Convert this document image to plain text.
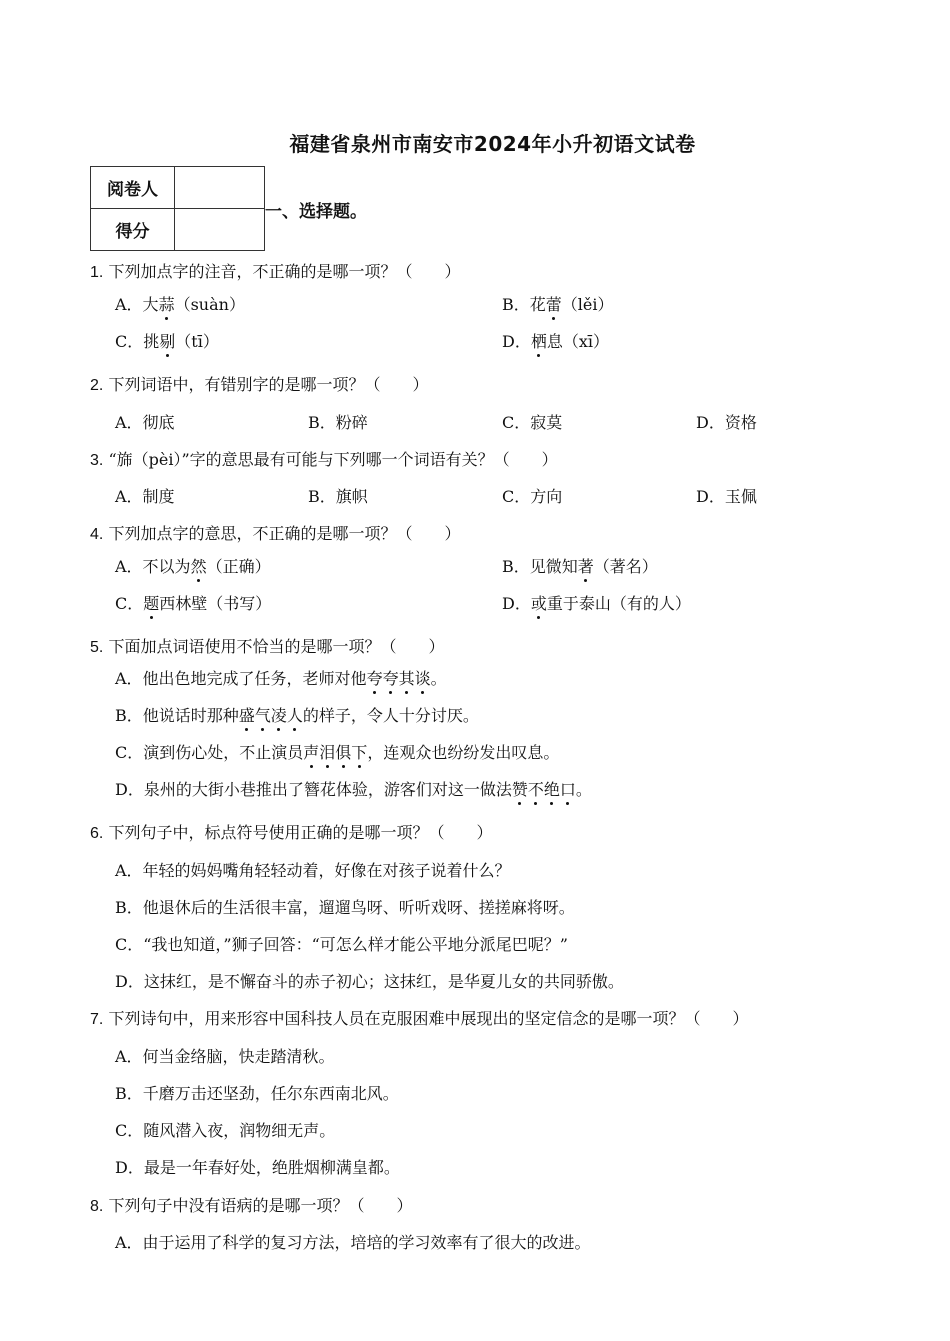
福建省泉州市南安市2024年小升初语文试卷
阅卷人	
得分	
一、选择题。
1. 下列加点字的注音，不正确的是哪一项？（　　）
A．大蒜（suàn）	B．花蕾（lěi）
C．挑剔（tī）	D．栖息（xī）
2. 下列词语中，有错别字的是哪一项？（　　）
A．彻底	B．粉碎	C．寂莫	D．资格
3. “旆（pèi）”字的意思最有可能与下列哪一个词语有关？（　　）
A．制度	B．旗帜	C．方向	D．玉佩
4. 下列加点字的意思，不正确的是哪一项？（　　）
A．不以为然（正确）	B．见微知著（著名）
C．题西林壁（书写）	D．或重于泰山（有的人）
5. 下面加点词语使用不恰当的是哪一项？（　　）
A．他出色地完成了任务，老师对他夸夸其谈。
B．他说话时那种盛气凌人的样子，令人十分讨厌。
C．演到伤心处，不止演员声泪俱下，连观众也纷纷发出叹息。
D．泉州的大街小巷推出了簪花体验，游客们对这一做法赞不绝口。
6. 下列句子中，标点符号使用正确的是哪一项？（　　）
A．年轻的妈妈嘴角轻轻动着，好像在对孩子说着什么？
B．他退休后的生活很丰富，遛遛鸟呀、听听戏呀、搓搓麻将呀。
C．“我也知道，”狮子回答：“可怎么样才能公平地分派尾巴呢？”
D．这抹红，是不懈奋斗的赤子初心；这抹红，是华夏儿女的共同骄傲。
7. 下列诗句中，用来形容中国科技人员在克服困难中展现出的坚定信念的是哪一项？（　　）
A．何当金络脑，快走踏清秋。
B．千磨万击还坚劲，任尔东西南北风。
C．随风潜入夜，润物细无声。
D．最是一年春好处，绝胜烟柳满皇都。
8. 下列句子中没有语病的是哪一项？（　　）
A．由于运用了科学的复习方法，培培的学习效率有了很大的改进。
